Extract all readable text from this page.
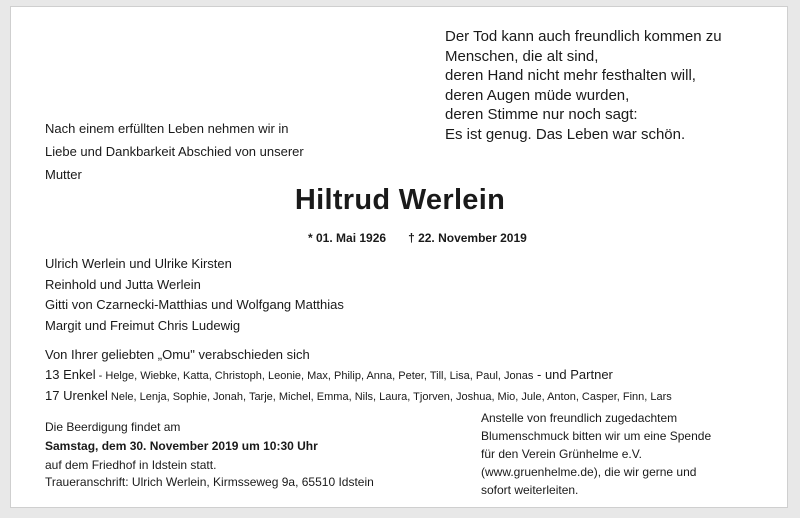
Der Tod kann auch freundlich kommen zu
Menschen, die alt sind,
deren Hand nicht mehr festhalten will,
deren Augen müde wurden,
deren Stimme nur noch sagt:
Es ist genug. Das Leben war schön.
Nach einem erfüllten Leben nehmen wir in
Liebe und Dankbarkeit Abschied von unserer
Mutter
Hiltrud Werlein
* 01. Mai 1926 † 22. November 2019
Ulrich Werlein und Ulrike Kirsten
Reinhold und Jutta Werlein
Gitti von Czarnecki-Matthias und Wolfgang Matthias
Margit und Freimut Chris Ludewig
Von Ihrer geliebten „Omu" verabschieden sich
13 Enkel - Helge, Wiebke, Katta, Christoph, Leonie, Max, Philip, Anna, Peter, Till, Lisa, Paul, Jonas - und Partner
17 Urenkel Nele, Lenja, Sophie, Jonah, Tarje, Michel, Emma, Nils, Laura, Tjorven, Joshua, Mio, Jule, Anton, Casper, Finn, Lars
Die Beerdigung findet am
Samstag, dem 30. November 2019 um 10:30 Uhr
auf dem Friedhof in Idstein statt.
Traueranschrift: Ulrich Werlein, Kirmsseweg 9a, 65510 Idstein
Anstelle von freundlich zugedachtem
Blumenschmuck bitten wir um eine Spende
für den Verein Grünhelme e.V.
(www.gruenhelme.de), die wir gerne und
sofort weiterleiten.
